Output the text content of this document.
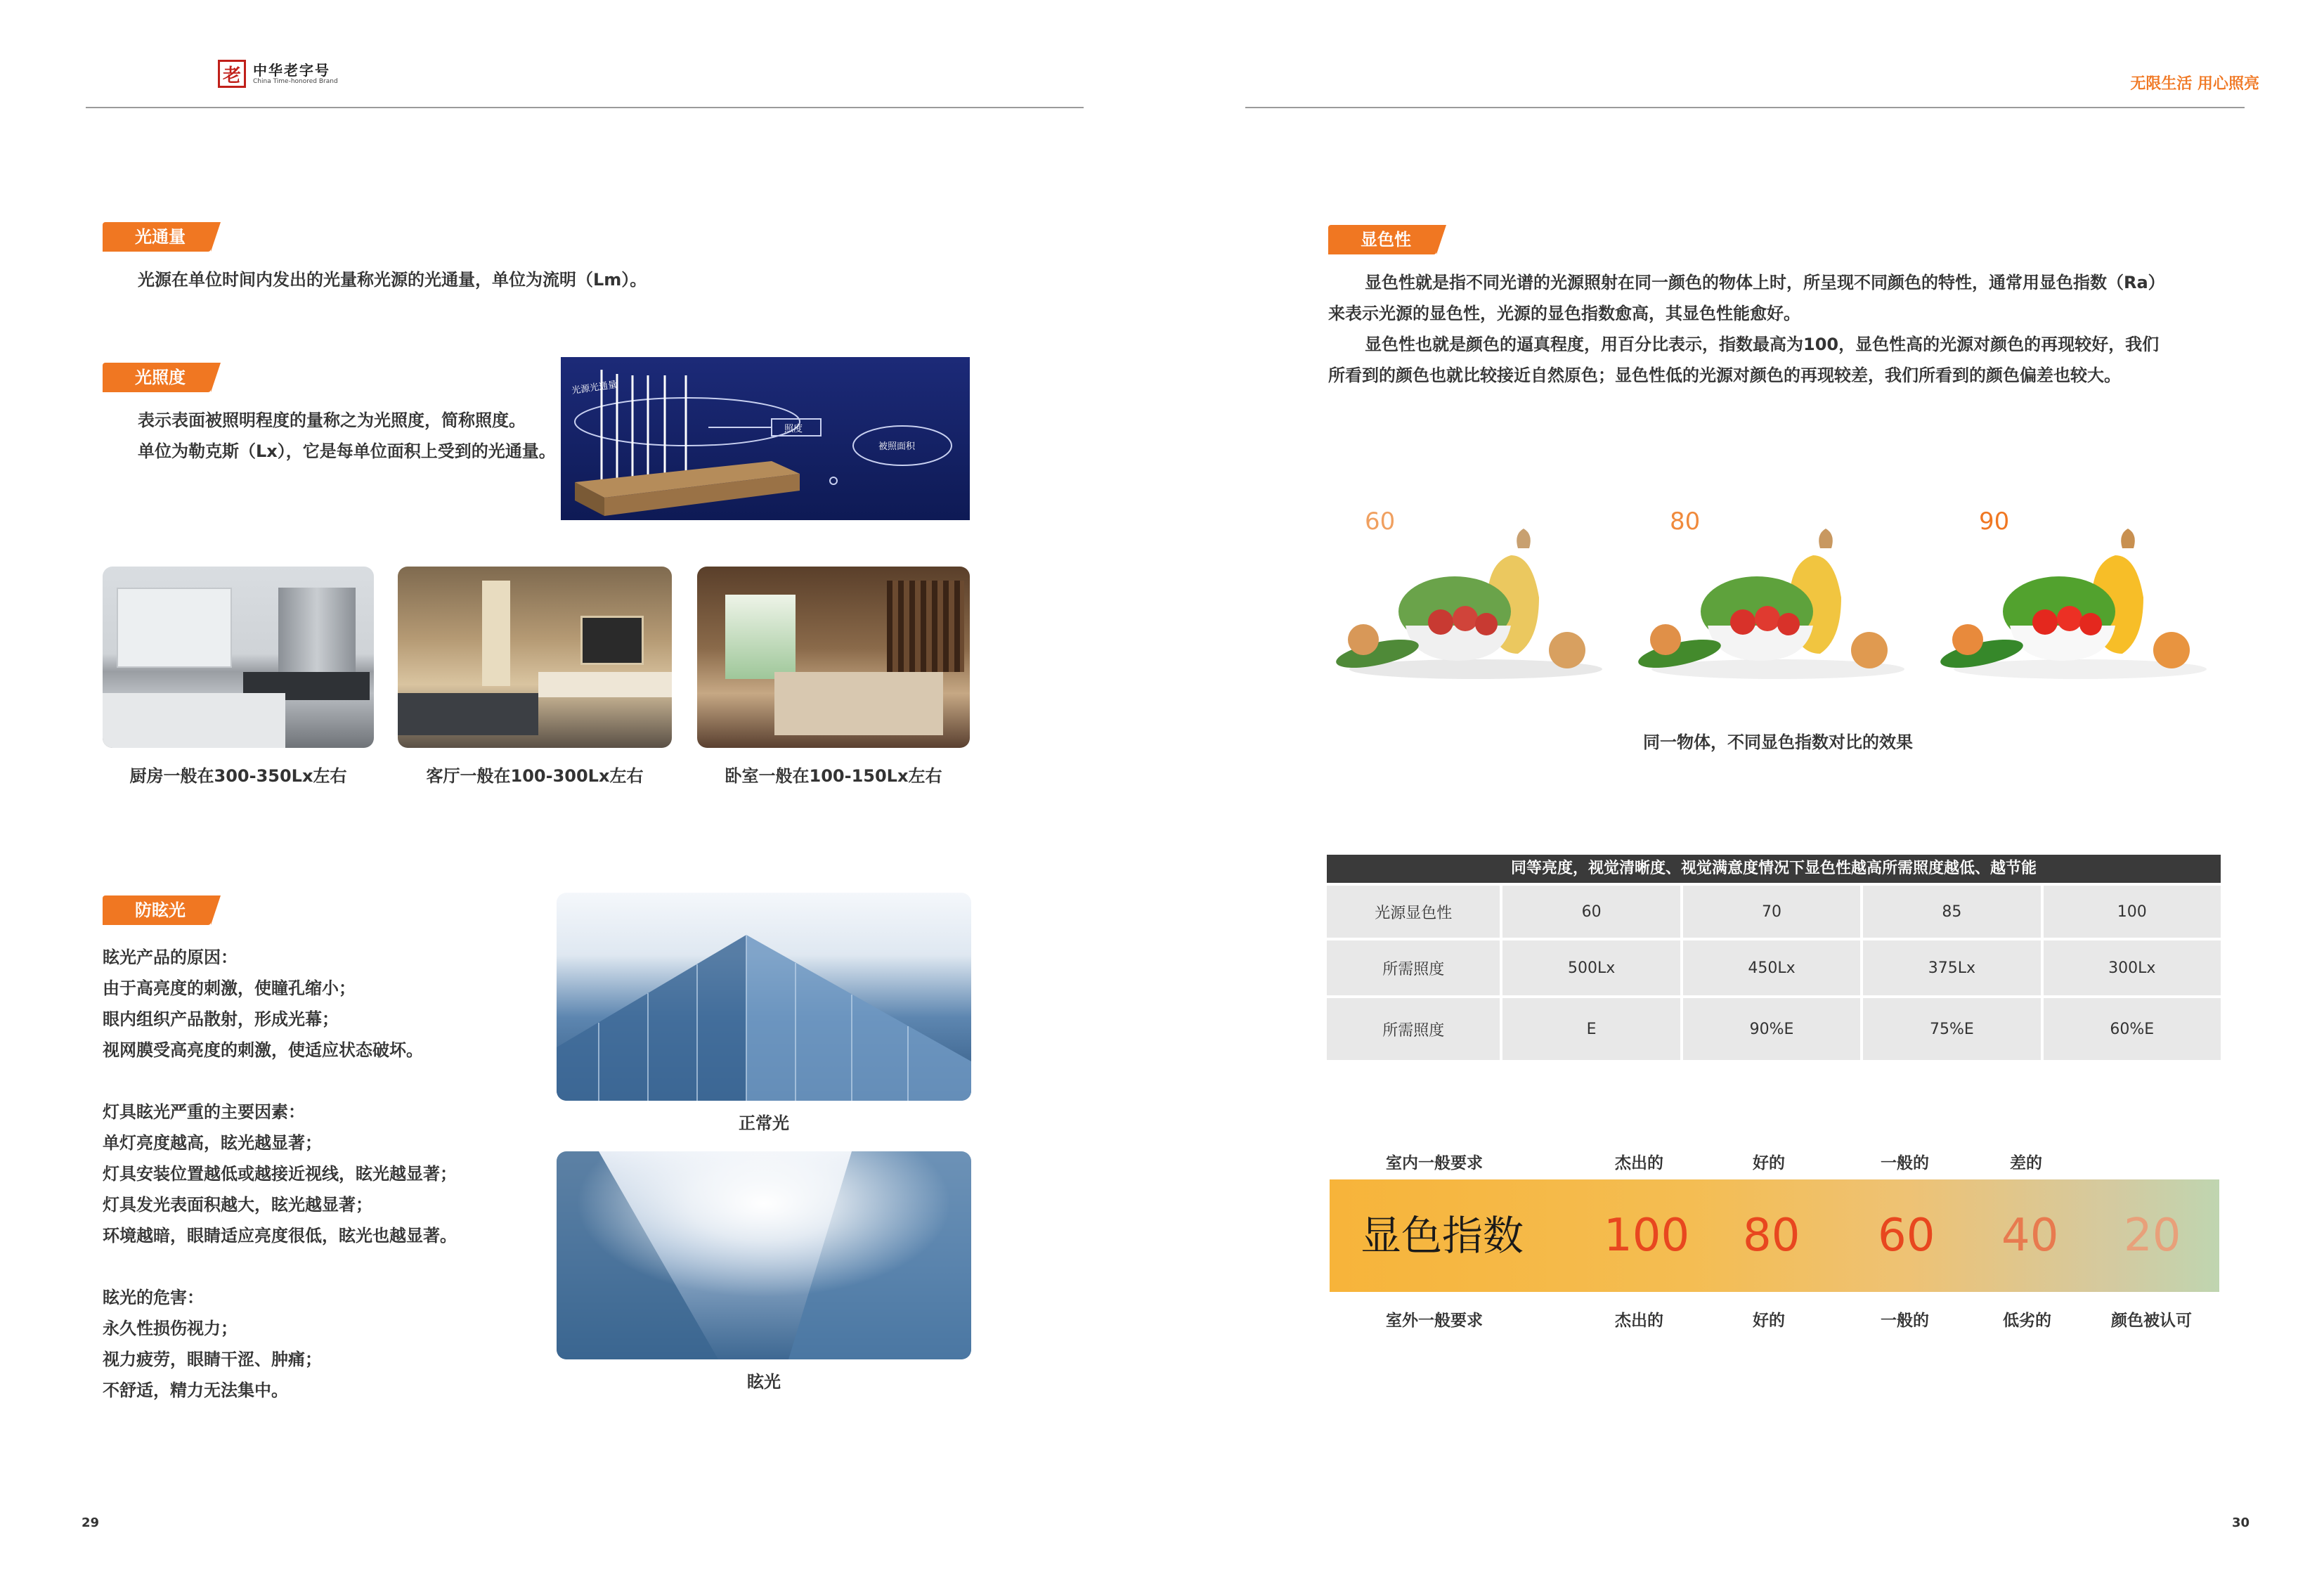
老 中华老字号
China Time-honored Brand	无限生活 用心照亮
光通量
光源在单位时间内发出的光量称光源的光通量，单位为流明（Lm）。
光照度

表示表面被照明程度的量称之为光照度，简称照度。

单位为勒克斯（Lx），它是每单位面积上受到的光通量。

光源光通量
照度
被照面积
厨房一般在300-350Lx左右	客厅一般在100-300Lx左右	卧室一般在100-150Lx左右
防眩光

眩光产品的原因：

由于高亮度的刺激，使瞳孔缩小；

眼内组织产品散射，形成光幕；

视网膜受高亮度的刺激，使适应状态破坏。

灯具眩光严重的主要因素：

单灯亮度越高，眩光越显著；

灯具安装位置越低或越接近视线，眩光越显著；

灯具发光表面积越大，眩光越显著；

环境越暗，眼睛适应亮度很低，眩光也越显著。

眩光的危害：

永久性损伤视力；

视力疲劳，眼睛干涩、肿痛；

不舒适，精力无法集中。

正常光
眩光
29
显色性

显色性就是指不同光谱的光源照射在同一颜色的物体上时，所呈现不同颜色的特性，通常用显色指数（Ra）

来表示光源的显色性，光源的显色指数愈高，其显色性能愈好。

显色性也就是颜色的逼真程度，用百分比表示，指数最高为100，显色性高的光源对颜色的再现较好，我们

所看到的颜色也就比较接近自然原色；显色性低的光源对颜色的再现较差，我们所看到的颜色偏差也较大。

60	80	90
同一物体，不同显色指数对比的效果
同等亮度，视觉清晰度、视觉满意度情况下显色性越高所需照度越低、越节能
光源显色性	60	70	85	100
所需照度	500Lx	450Lx	375Lx	300Lx
所需照度	E	90%E	75%E	60%E
室内一般要求	杰出的	好的	一般的	差的
显色指数 100 80 60 40 20
室外一般要求	杰出的	好的	一般的	低劣的	颜色被认可
30
